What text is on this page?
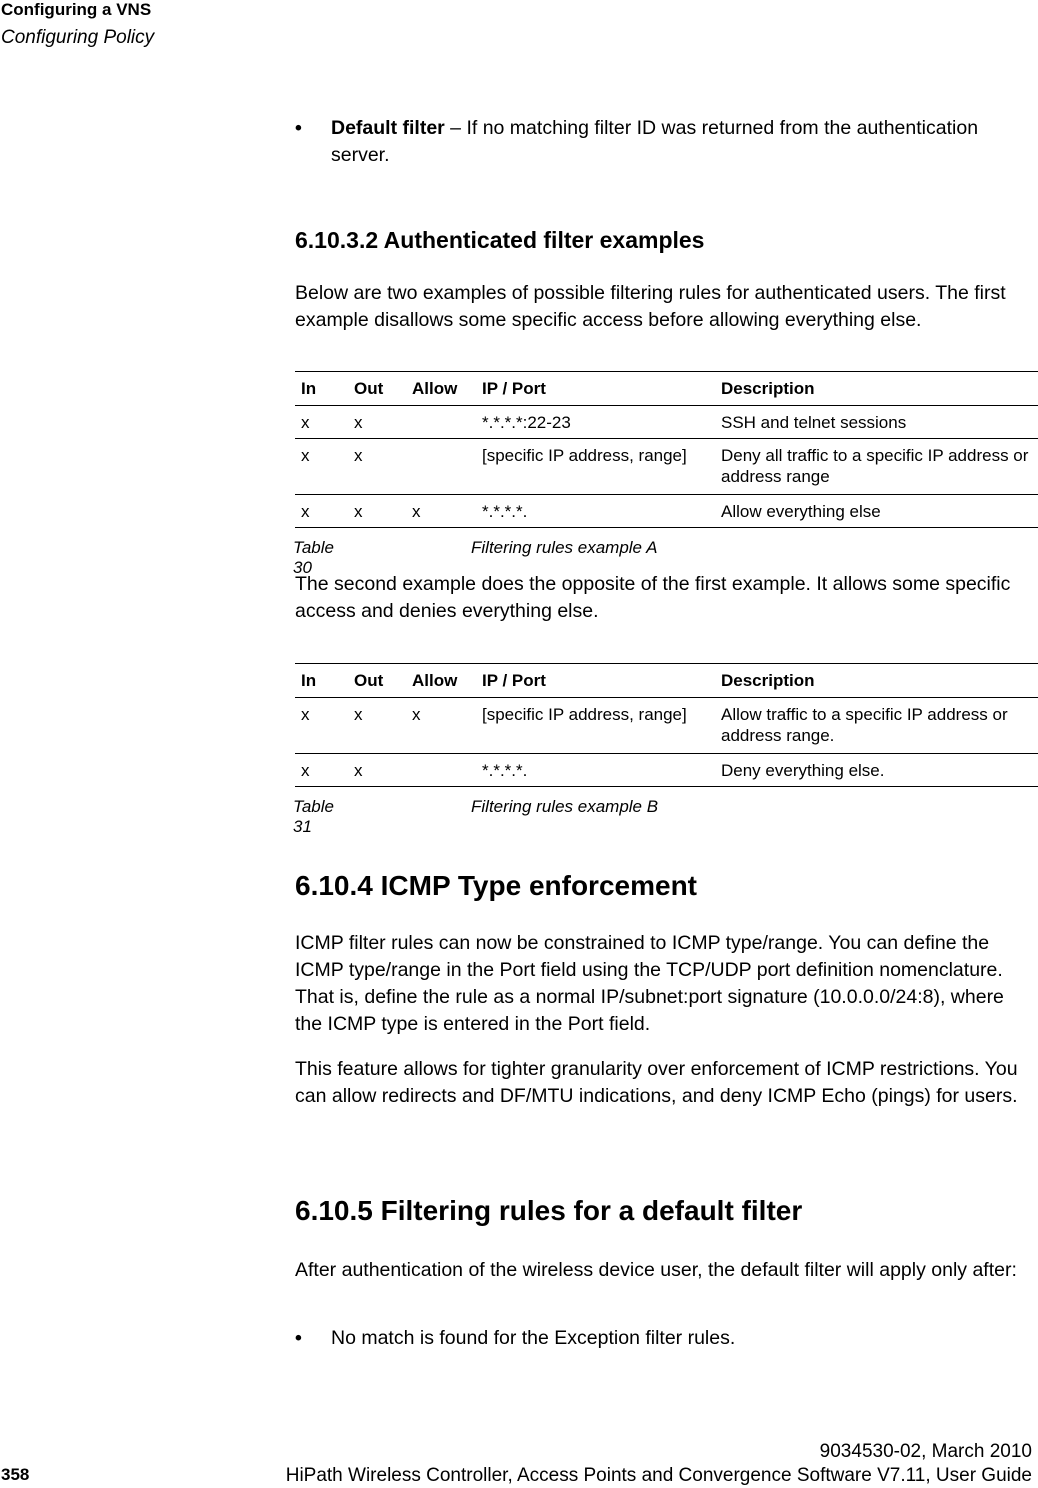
Configuring a VNS
Configuring Policy
• Default filter – If no matching filter ID was returned from the authentication server.
6.10.3.2 Authenticated filter examples

Below are two examples of possible filtering rules for authenticated users. The first example disallows some specific access before allowing everything else.

In	Out	Allow	IP / Port	Description
x	x		*.*.*.*:22-23	SSH and telnet sessions
x	x		[specific IP address, range]	Deny all traffic to a specific IP address or address range
x	x	x	*.*.*.*.	Allow everything else
Table 30
Filtering rules example A

The second example does the opposite of the first example. It allows some specific access and denies everything else.

In	Out	Allow	IP / Port	Description
x	x	x	[specific IP address, range]	Allow traffic to a specific IP address or address range.
x	x		*.*.*.*.	Deny everything else.
Table 31
Filtering rules example B
6.10.4 ICMP Type enforcement

ICMP filter rules can now be constrained to ICMP type/range. You can define the ICMP type/range in the Port field using the TCP/UDP port definition nomenclature. That is, define the rule as a normal IP/subnet:port signature (10.0.0.0/24:8), where the ICMP type is entered in the Port field.

This feature allows for tighter granularity over enforcement of ICMP restrictions. You can allow redirects and DF/MTU indications, and deny ICMP Echo (pings) for users.

6.10.5 Filtering rules for a default filter

After authentication of the wireless device user, the default filter will apply only after:

• No match is found for the Exception filter rules.
9034530-02, March 2010
358	HiPath Wireless Controller, Access Points and Convergence Software V7.11, User Guide
